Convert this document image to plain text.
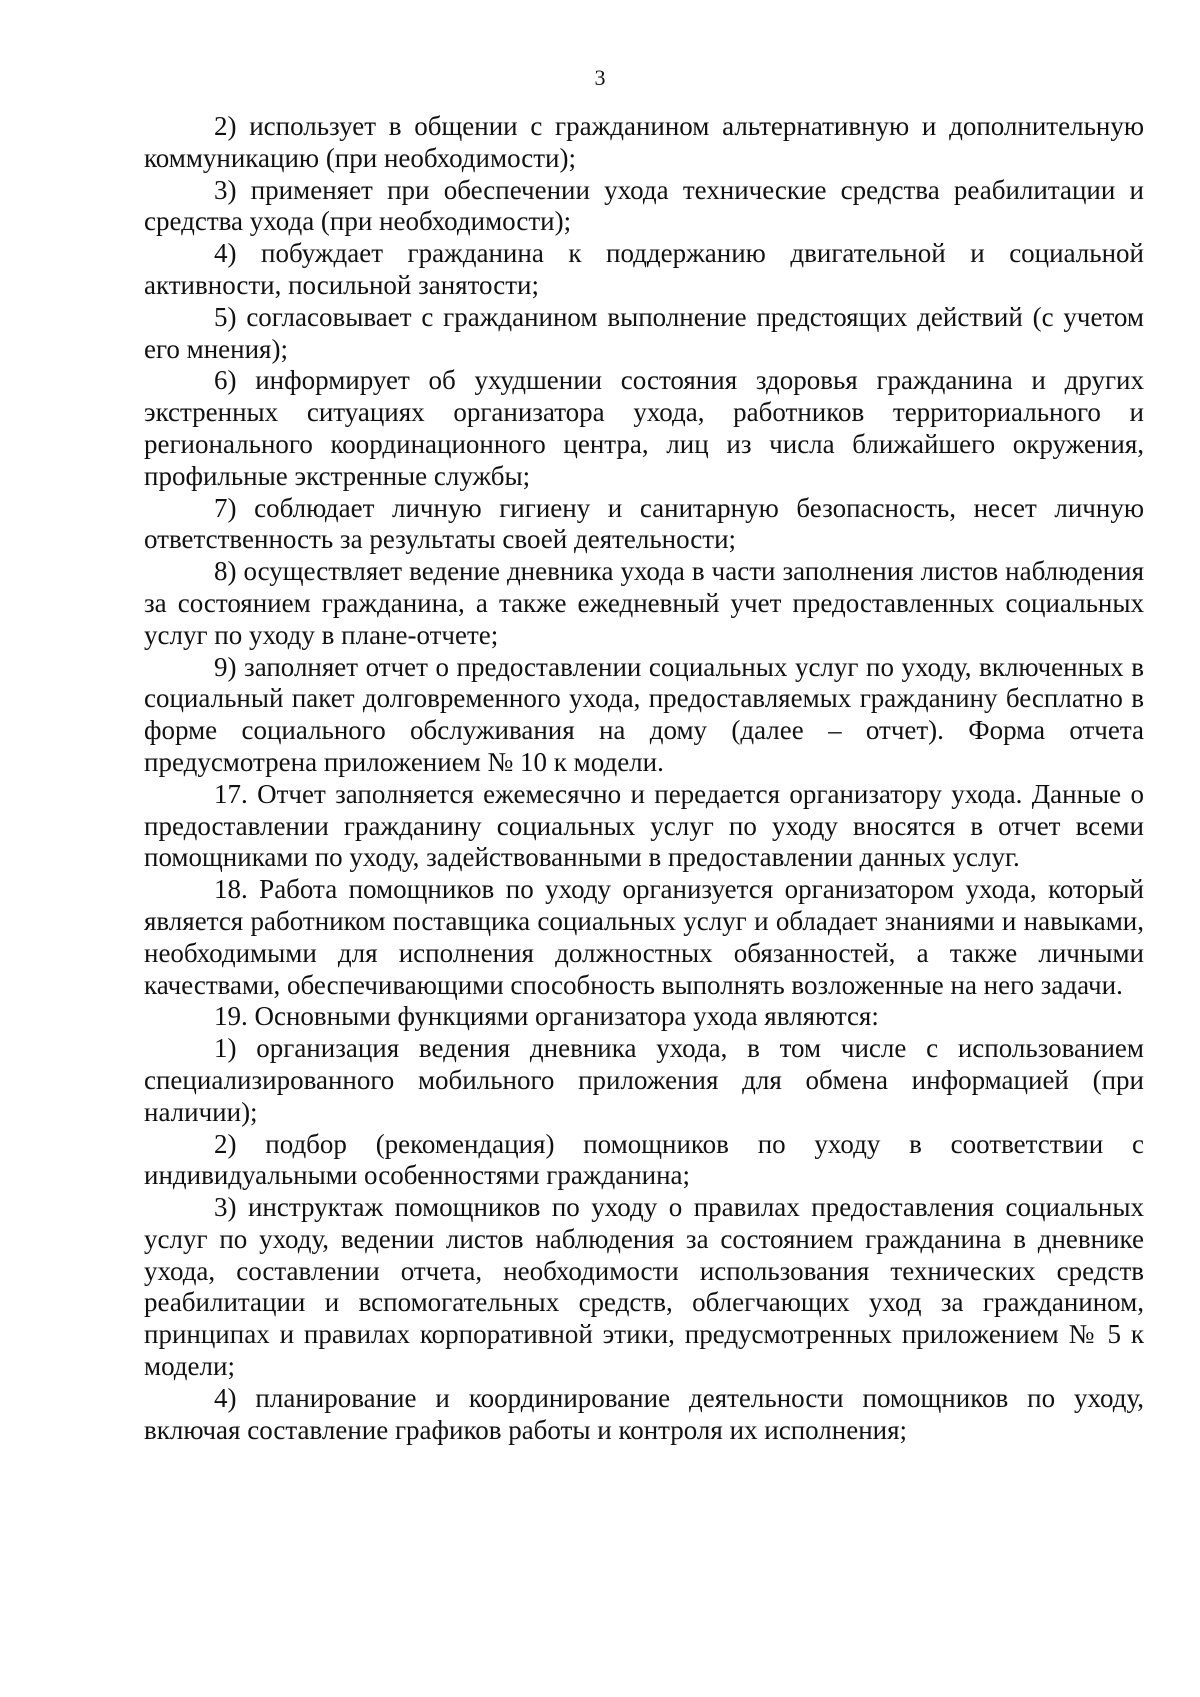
3

2) использует в общении с гражданином альтернативную и дополнительную коммуникацию (при необходимости);

3) применяет при обеспечении ухода технические средства реабилитации и средства ухода (при необходимости);

4) побуждает гражданина к поддержанию двигательной и социальной активности, посильной занятости;

5) согласовывает с гражданином выполнение предстоящих действий (с учетом его мнения);

6) информирует об ухудшении состояния здоровья гражданина и других экстренных ситуациях организатора ухода, работников территориального и регионального координационного центра, лиц из числа ближайшего окружения, профильные экстренные службы;

7) соблюдает личную гигиену и санитарную безопасность, несет личную ответственность за результаты своей деятельности;

8) осуществляет ведение дневника ухода в части заполнения листов наблюдения за состоянием гражданина, а также ежедневный учет предоставленных социальных услуг по уходу в плане-отчете;

9) заполняет отчет о предоставлении социальных услуг по уходу, включенных в социальный пакет долговременного ухода, предоставляемых гражданину бесплатно в форме социального обслуживания на дому (далее – отчет). Форма отчета предусмотрена приложением № 10 к модели.

17. Отчет заполняется ежемесячно и передается организатору ухода. Данные о предоставлении гражданину социальных услуг по уходу вносятся в отчет всеми помощниками по уходу, задействованными в предоставлении данных услуг.

18. Работа помощников по уходу организуется организатором ухода, который является работником поставщика социальных услуг и обладает знаниями и навыками, необходимыми для исполнения должностных обязанностей, а также личными качествами, обеспечивающими способность выполнять возложенные на него задачи.

19. Основными функциями организатора ухода являются:

1) организация ведения дневника ухода, в том числе с использованием специализированного мобильного приложения для обмена информацией (при наличии);

2) подбор (рекомендация) помощников по уходу в соответствии с индивидуальными особенностями гражданина;

3) инструктаж помощников по уходу о правилах предоставления социальных услуг по уходу, ведении листов наблюдения за состоянием гражданина в дневнике ухода, составлении отчета, необходимости использования технических средств реабилитации и вспомогательных средств, облегчающих уход за гражданином, принципах и правилах корпоративной этики, предусмотренных приложением № 5 к модели;

4) планирование и координирование деятельности помощников по уходу, включая составление графиков работы и контроля их исполнения;
